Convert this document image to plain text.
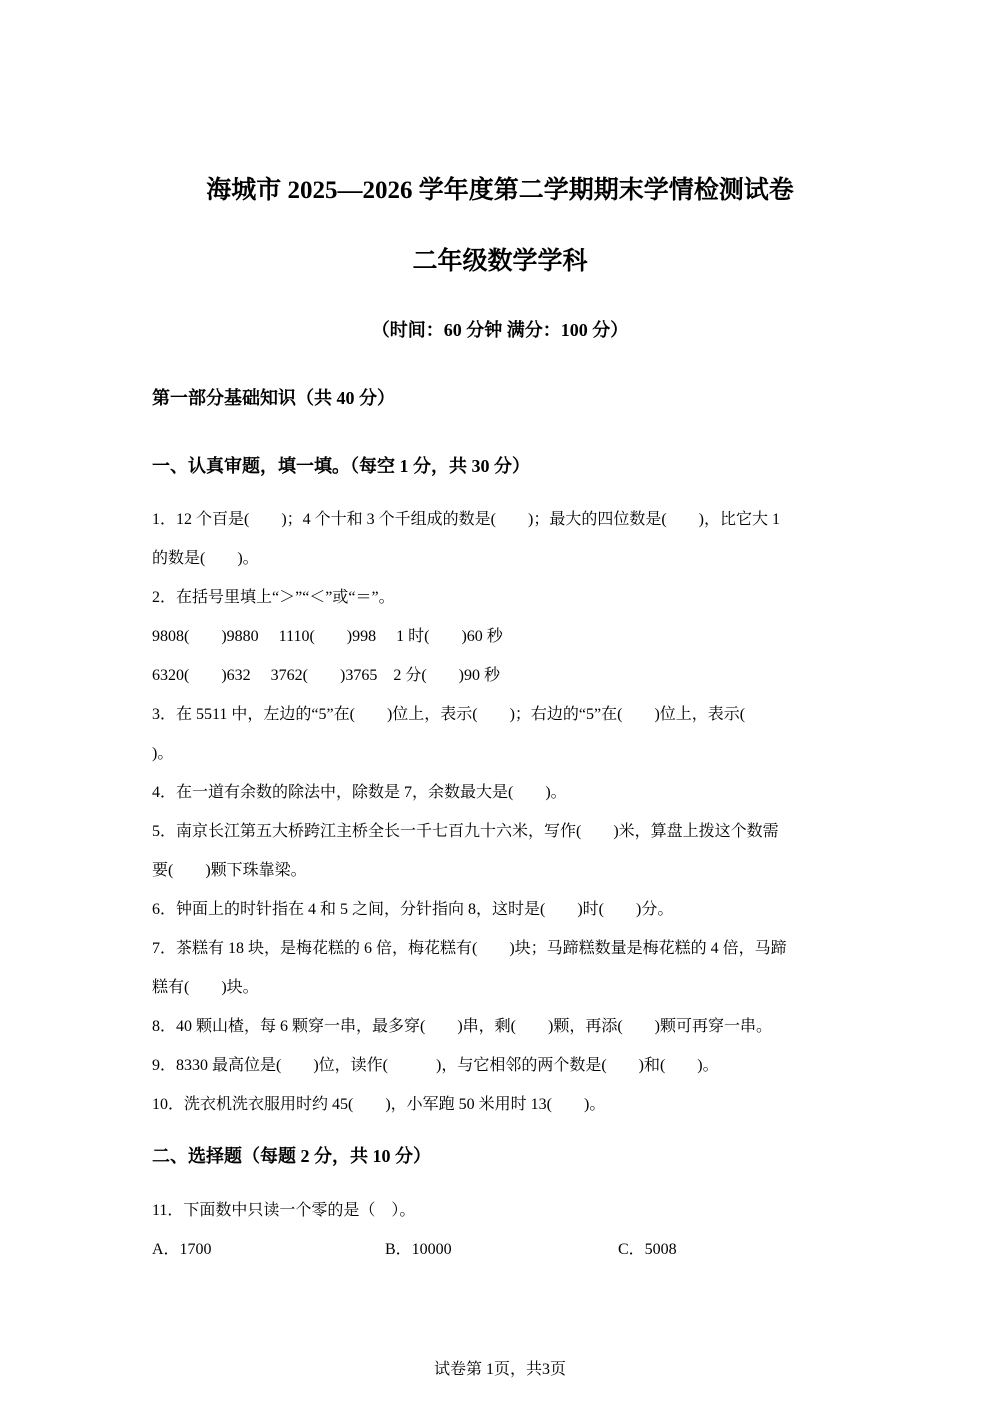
海城市 2025—2026 学年度第二学期期末学情检测试卷
二年级数学学科
（时间：60 分钟 满分：100 分）
第一部分基础知识（共 40 分）
一、认真审题，填一填。（每空 1 分，共 30 分）
1．12 个百是(　　)；4 个十和 3 个千组成的数是(　　)；最大的四位数是(　　)，比它大 1
的数是(　　)。
2．在括号里填上“＞”“＜”或“＝”。
9808(　　)9880　 1110(　　)998　 1 时(　　)60 秒
6320(　　)632　 3762(　　)3765　2 分(　　)90 秒
3．在 5511 中，左边的“5”在(　　)位上，表示(　　)；右边的“5”在(　　)位上，表示(
)。
4．在一道有余数的除法中，除数是 7，余数最大是(　　)。
5．南京长江第五大桥跨江主桥全长一千七百九十六米，写作(　　)米，算盘上拨这个数需
要(　　)颗下珠靠梁。
6．钟面上的时针指在 4 和 5 之间，分针指向 8，这时是(　　)时(　　)分。
7．茶糕有 18 块，是梅花糕的 6 倍，梅花糕有(　　)块；马蹄糕数量是梅花糕的 4 倍，马蹄
糕有(　　)块。
8．40 颗山楂，每 6 颗穿一串，最多穿(　　)串，剩(　　)颗，再添(　　)颗可再穿一串。
9．8330 最高位是(　　)位，读作(　　　)，与它相邻的两个数是(　　)和(　　)。
10．洗衣机洗衣服用时约 45(　　)，小军跑 50 米用时 13(　　)。
二、选择题（每题 2 分，共 10 分）
11．下面数中只读一个零的是（　）。
A．1700	B．10000	C．5008
试卷第 1页，共3页
